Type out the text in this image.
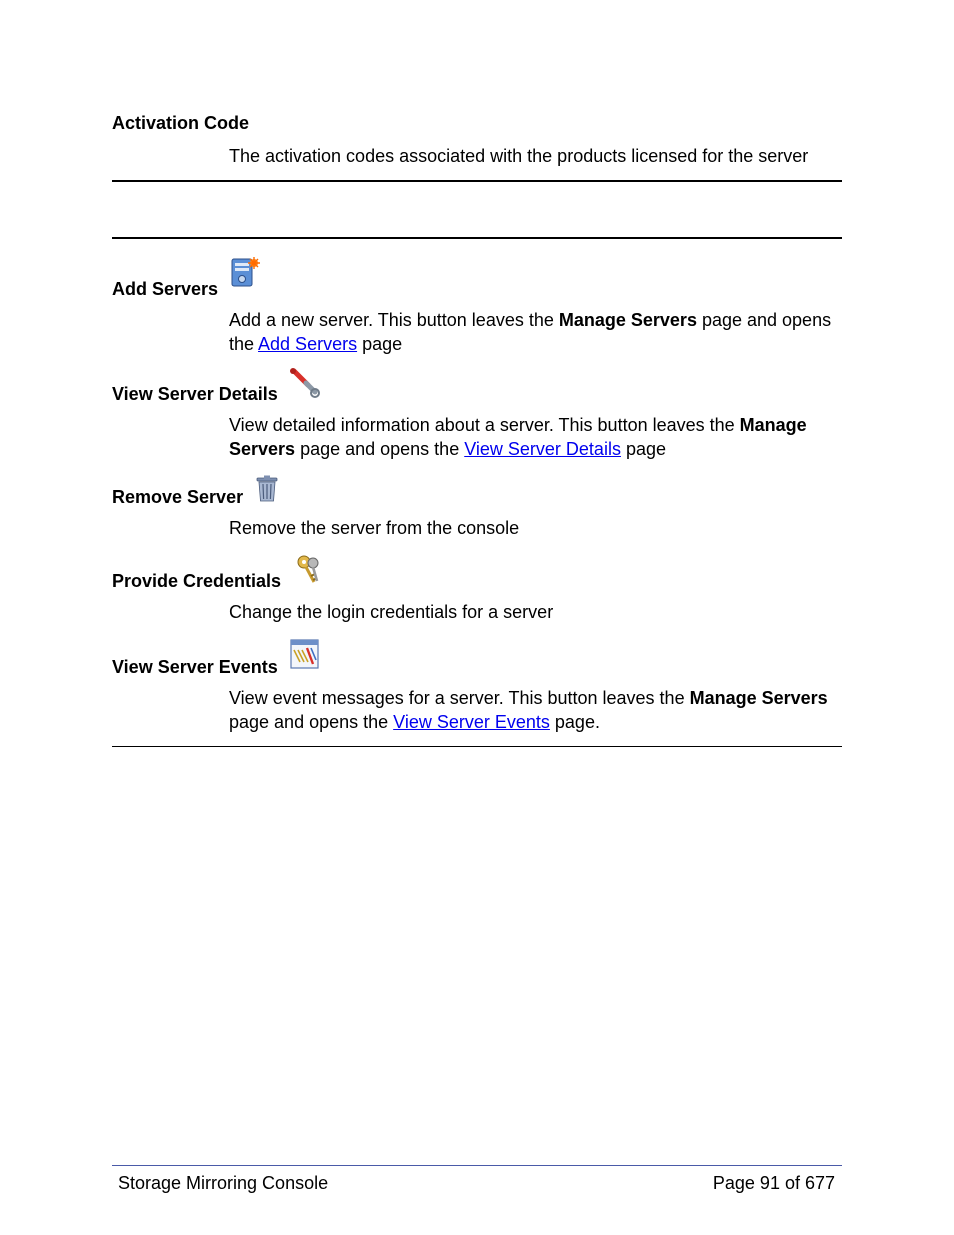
Activation Code
The activation codes associated with the products licensed for the server
Add Servers
Add a new server. This button leaves the Manage Servers page and opens the Add Servers page
View Server Details
View detailed information about a server. This button leaves the Manage Servers page and opens the View Server Details page
Remove Server
Remove the server from the console
Provide Credentials
Change the login credentials for a server
View Server Events
View event messages for a server. This button leaves the Manage Servers page and opens the View Server Events page.
Storage Mirroring Console	Page 91 of 677
